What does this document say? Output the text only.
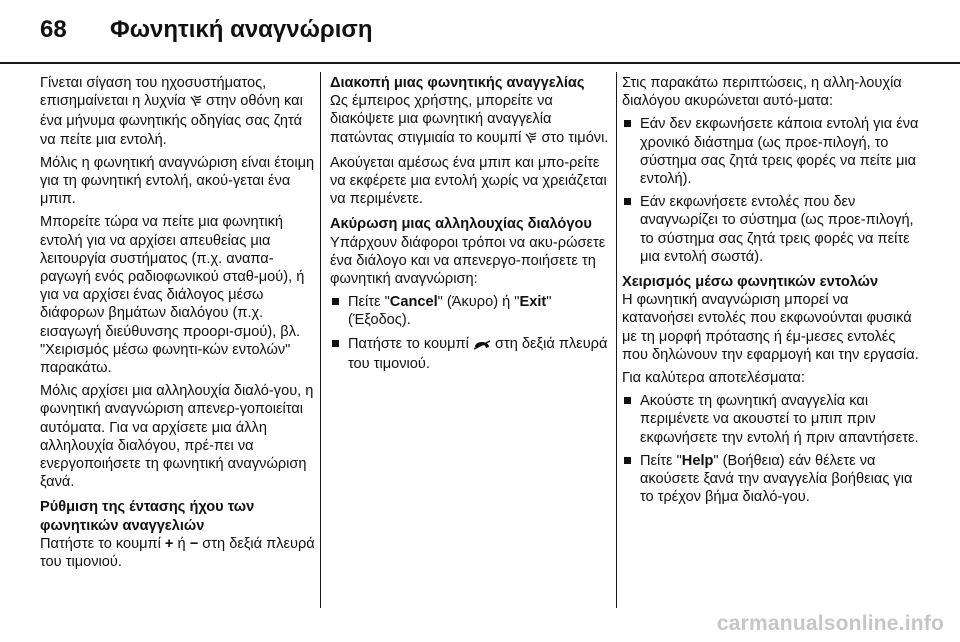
68 Φωνητική αναγνώριση

Γίνεται σίγαση του ηχοσυστήματος, επισημαίνεται η λυχνία  στην οθόνη και ένα μήνυμα φωνητικής οδηγίας σας ζητά να πείτε μια εντολή.

Μόλις η φωνητική αναγνώριση είναι έτοιμη για τη φωνητική εντολή, ακού-γεται ένα μπιπ.

Μπορείτε τώρα να πείτε μια φωνητική εντολή για να αρχίσει απευθείας μια λειτουργία συστήματος (π.χ. αναπα-ραγωγή ενός ραδιοφωνικού σταθ-μού), ή για να αρχίσει ένας διάλογος μέσω διάφορων βημάτων διαλόγου (π.χ. εισαγωγή διεύθυνσης προορι-σμού), βλ. "Χειρισμός μέσω φωνητι-κών εντολών" παρακάτω.

Μόλις αρχίσει μια αλληλουχία διαλό-γου, η φωνητική αναγνώριση απενερ-γοποιείται αυτόματα. Για να αρχίσετε μια άλλη αλληλουχία διαλόγου, πρέ-πει να ενεργοποιήσετε τη φωνητική αναγνώριση ξανά.

Ρύθμιση της έντασης ήχου των φωνητικών αναγγελιών

Πατήστε το κουμπί + ή − στη δεξιά πλευρά του τιμονιού.

Διακοπή μιας φωνητικής αναγγελίας

Ως έμπειρος χρήστης, μπορείτε να διακόψετε μια φωνητική αναγγελία πατώντας στιγμιαία το κουμπί  στο τιμόνι.

Ακούγεται αμέσως ένα μπιπ και μπο-ρείτε να εκφέρετε μια εντολή χωρίς να χρειάζεται να περιμένετε.

Ακύρωση μιας αλληλουχίας διαλόγου

Υπάρχουν διάφοροι τρόποι να ακυ-ρώσετε ένα διάλογο και να απενεργο-ποιήσετε τη φωνητική αναγνώριση:

Πείτε "Cancel" (Άκυρο) ή "Exit" (Έξοδος).
Πατήστε το κουμπί  στη δεξιά πλευρά του τιμονιού.

Στις παρακάτω περιπτώσεις, η αλλη-λουχία διαλόγου ακυρώνεται αυτό-ματα:

Εάν δεν εκφωνήσετε κάποια εντολή για ένα χρονικό διάστημα (ως προε-πιλογή, το σύστημα σας ζητά τρεις φορές να πείτε μια εντολή).
Εάν εκφωνήσετε εντολές που δεν αναγνωρίζει το σύστημα (ως προε-πιλογή, το σύστημα σας ζητά τρεις φορές να πείτε μια εντολή σωστά).
Χειρισμός μέσω φωνητικών εντολών

Η φωνητική αναγνώριση μπορεί να κατανοήσει εντολές που εκφωνούνται φυσικά με τη μορφή πρότασης ή έμ-μεσες εντολές που δηλώνουν την εφαρμογή και την εργασία.

Για καλύτερα αποτελέσματα:

Ακούστε τη φωνητική αναγγελία και περιμένετε να ακουστεί το μπιπ πριν εκφωνήσετε την εντολή ή πριν απαντήσετε.
Πείτε "Help" (Βοήθεια) εάν θέλετε να ακούσετε ξανά την αναγγελία βοήθειας για το τρέχον βήμα διαλό-γου.
carmanualsonline.info
